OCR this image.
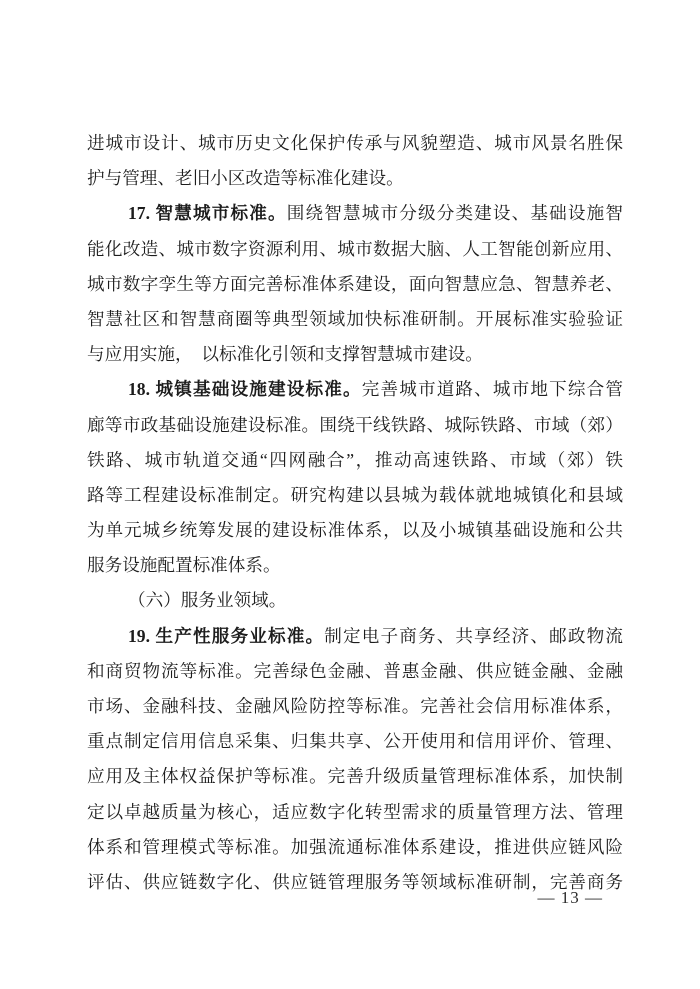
进城市设计、城市历史文化保护传承与风貌塑造、城市风景名胜保
护与管理、老旧小区改造等标准化建设。
17. 智慧城市标准。围绕智慧城市分级分类建设、基础设施智
能化改造、城市数字资源利用、城市数据大脑、人工智能创新应用、
城市数字孪生等方面完善标准体系建设，面向智慧应急、智慧养老、
智慧社区和智慧商圈等典型领域加快标准研制。开展标准实验验证
与应用实施，　以标准化引领和支撑智慧城市建设。
18. 城镇基础设施建设标准。完善城市道路、城市地下综合管
廊等市政基础设施建设标准。围绕干线铁路、城际铁路、市域（郊）
铁路、城市轨道交通“四网融合”，推动高速铁路、市域（郊）铁
路等工程建设标准制定。研究构建以县城为载体就地城镇化和县域
为单元城乡统筹发展的建设标准体系，以及小城镇基础设施和公共
服务设施配置标准体系。
（六）服务业领域。
19. 生产性服务业标准。制定电子商务、共享经济、邮政物流
和商贸物流等标准。完善绿色金融、普惠金融、供应链金融、金融
市场、金融科技、金融风险防控等标准。完善社会信用标准体系，
重点制定信用信息采集、归集共享、公开使用和信用评价、管理、
应用及主体权益保护等标准。完善升级质量管理标准体系，加快制
定以卓越质量为核心，适应数字化转型需求的质量管理方法、管理
体系和管理模式等标准。加强流通标准体系建设，推进供应链风险
评估、供应链数字化、供应链管理服务等领域标准研制，完善商务
— 13 —
